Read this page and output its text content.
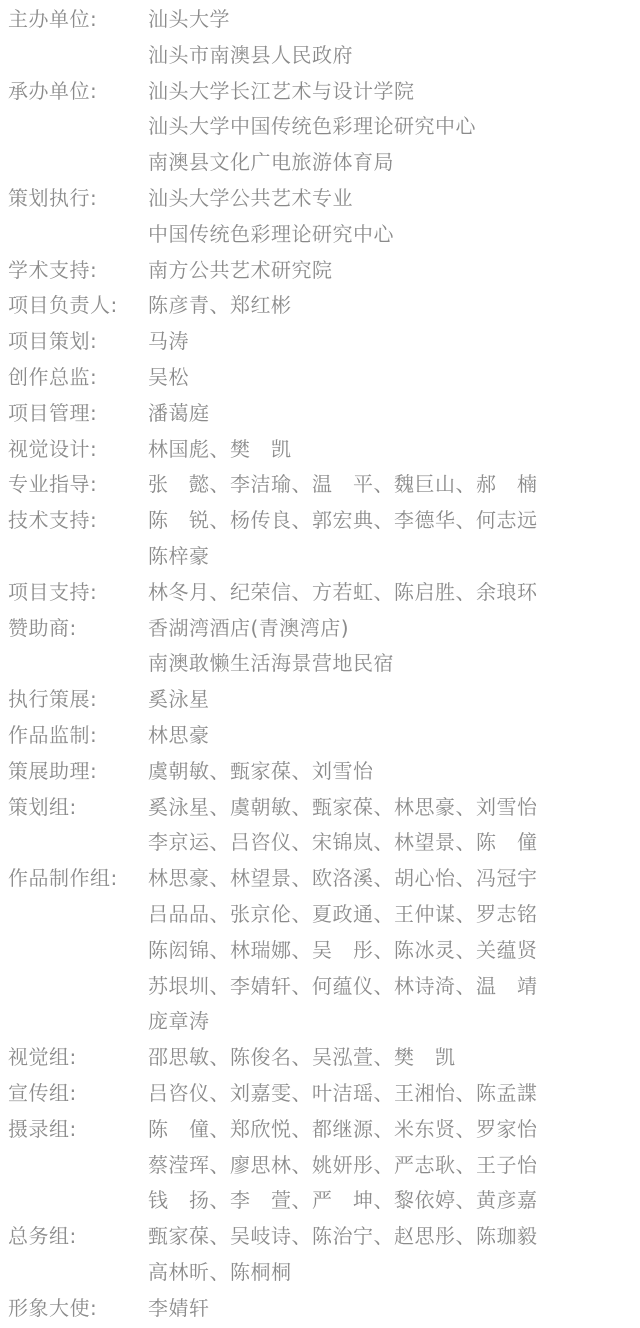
主办单位:	汕头大学
汕头市南澳县人民政府
承办单位:	汕头大学长江艺术与设计学院
汕头大学中国传统色彩理论研究中心
南澳县文化广电旅游体育局
策划执行:	汕头大学公共艺术专业
中国传统色彩理论研究中心
学术支持:	南方公共艺术研究院
项目负责人:	陈彦青、郑红彬
项目策划:	马涛
创作总监:	吴松
项目管理:	潘蔼庭
视觉设计:	林国彪、樊　凯
专业指导:	张　懿、李洁瑜、温　平、魏巨山、郝　楠
技术支持:	陈　锐、杨传良、郭宏典、李德华、何志远
陈梓豪
项目支持:	林冬月、纪荣信、方若虹、陈启胜、余琅环
赞助商:	香湖湾酒店(青澳湾店)
南澳敢懒生活海景营地民宿
执行策展:	奚泳星
作品监制:	林思豪
策展助理:	虞朝敏、甄家葆、刘雪怡
策划组:	奚泳星、虞朝敏、甄家葆、林思豪、刘雪怡
李京运、吕咨仪、宋锦岚、林望景、陈　僮
作品制作组:	林思豪、林望景、欧洛溪、胡心怡、冯冠宇
吕品品、张京伦、夏政通、王仲谋、罗志铭
陈闳锦、林瑞娜、吴　彤、陈冰灵、关蕴贤
苏垠圳、李婧轩、何蕴仪、林诗渏、温　靖
庞章涛
视觉组:	邵思敏、陈俊名、吴泓萱、樊　凯
宣传组:	吕咨仪、刘嘉雯、叶洁瑶、王湘怡、陈孟諜
摄录组:	陈　僮、郑欣悦、都继源、米东贤、罗家怡
蔡滢珲、廖思林、姚妍彤、严志耿、王子怡
钱　扬、李　萱、严　坤、黎依婷、黄彦嘉
总务组:	甄家葆、吴岐诗、陈治宁、赵思彤、陈珈毅
高林昕、陈桐桐
形象大使:	李婧轩
